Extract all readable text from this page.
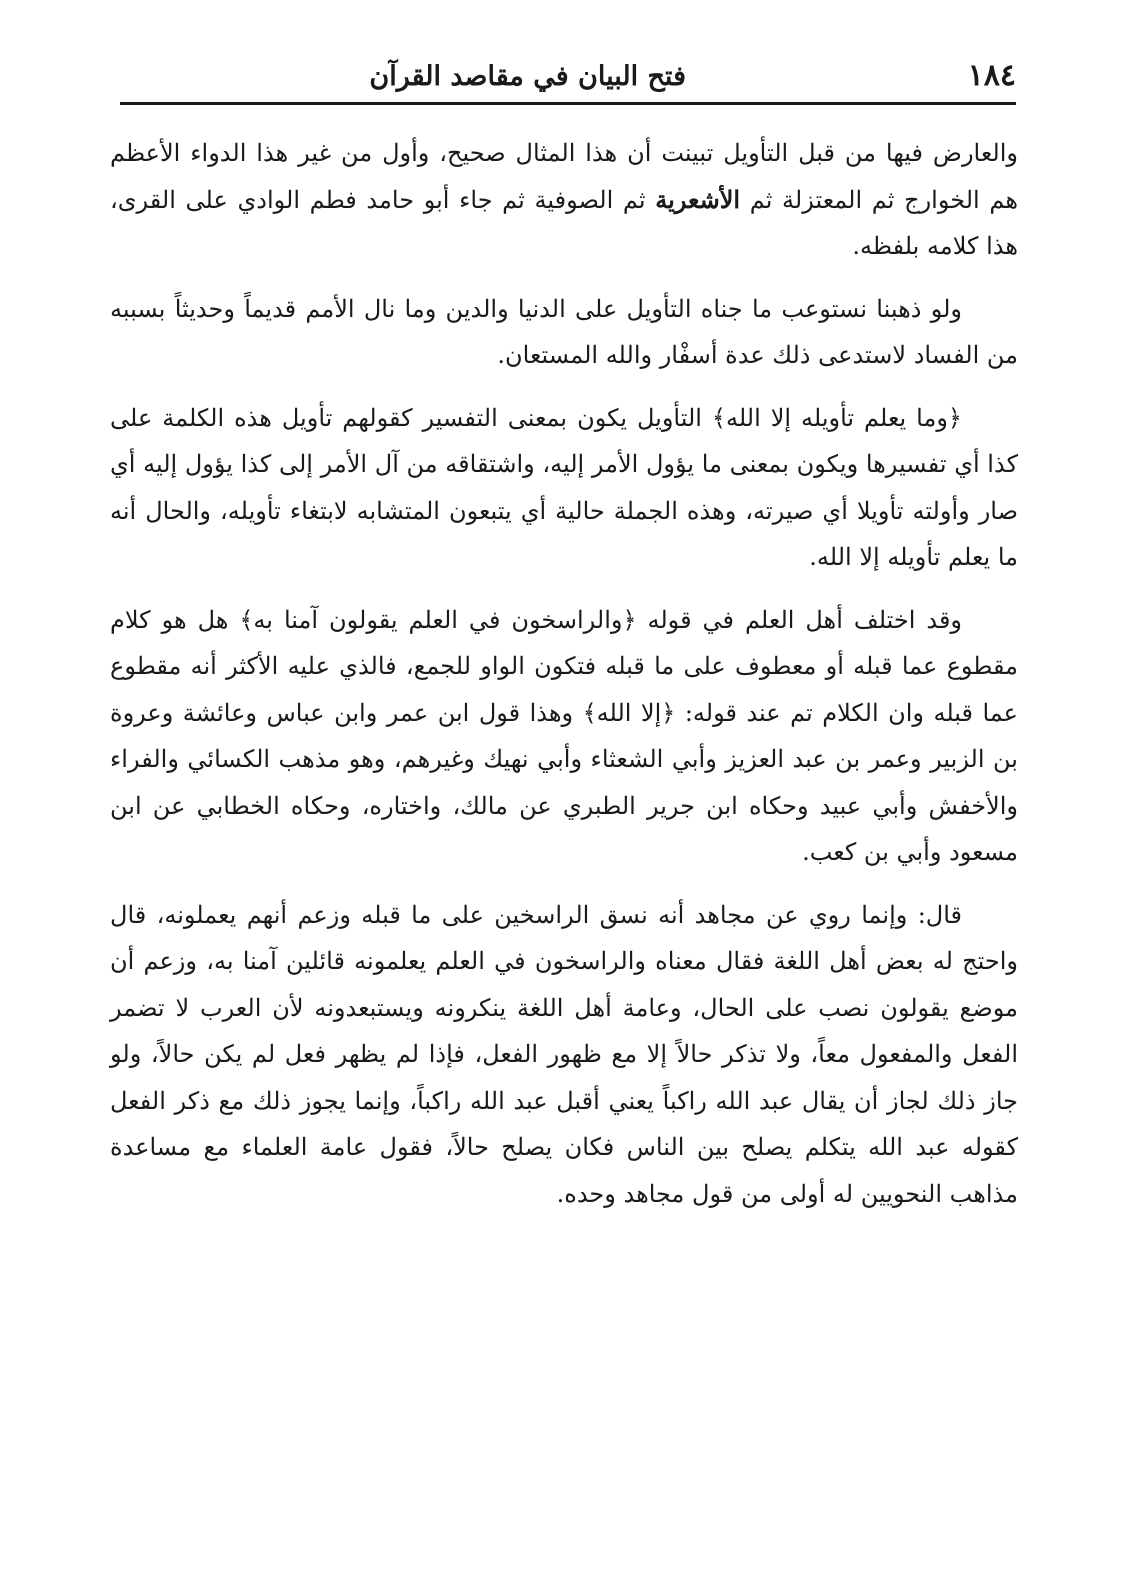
١٨٤
فتح البيان في مقاصد القرآن

والعارض فيها من قبل التأويل تبينت أن هذا المثال صحيح، وأول من غير هذا الدواء الأعظم هم الخوارج ثم المعتزلة ثم الأشعرية ثم الصوفية ثم جاء أبو حامد فطم الوادي على القرى، هذا كلامه بلفظه.

ولو ذهبنا نستوعب ما جناه التأويل على الدنيا والدين وما نال الأمم قديماً وحديثاً بسببه من الفساد لاستدعى ذلك عدة أسفْار والله المستعان.

﴿وما يعلم تأويله إلا الله﴾ التأويل يكون بمعنى التفسير كقولهم تأويل هذه الكلمة على كذا أي تفسيرها ويكون بمعنى ما يؤول الأمر إليه، واشتقاقه من آل الأمر إلى كذا يؤول إليه أي صار وأولته تأويلا أي صيرته، وهذه الجملة حالية أي يتبعون المتشابه لابتغاء تأويله، والحال أنه ما يعلم تأويله إلا الله.

وقد اختلف أهل العلم في قوله ﴿والراسخون في العلم يقولون آمنا به﴾ هل هو كلام مقطوع عما قبله أو معطوف على ما قبله فتكون الواو للجمع، فالذي عليه الأكثر أنه مقطوع عما قبله وان الكلام تم عند قوله: ﴿إلا الله﴾ وهذا قول ابن عمر وابن عباس وعائشة وعروة بن الزبير وعمر بن عبد العزيز وأبي الشعثاء وأبي نهيك وغيرهم، وهو مذهب الكسائي والفراء والأخفش وأبي عبيد وحكاه ابن جرير الطبري عن مالك، واختاره، وحكاه الخطابي عن ابن مسعود وأبي بن كعب.

قال: وإنما روي عن مجاهد أنه نسق الراسخين على ما قبله وزعم أنهم يعملونه، قال واحتج له بعض أهل اللغة فقال معناه والراسخون في العلم يعلمونه قائلين آمنا به، وزعم أن موضع يقولون نصب على الحال، وعامة أهل اللغة ينكرونه ويستبعدونه لأن العرب لا تضمر الفعل والمفعول معاً، ولا تذكر حالاً إلا مع ظهور الفعل، فإذا لم يظهر فعل لم يكن حالاً، ولو جاز ذلك لجاز أن يقال عبد الله راكباً يعني أقبل عبد الله راكباً، وإنما يجوز ذلك مع ذكر الفعل كقوله عبد الله يتكلم يصلح بين الناس فكان يصلح حالاً، فقول عامة العلماء مع مساعدة مذاهب النحويين له أولى من قول مجاهد وحده.
